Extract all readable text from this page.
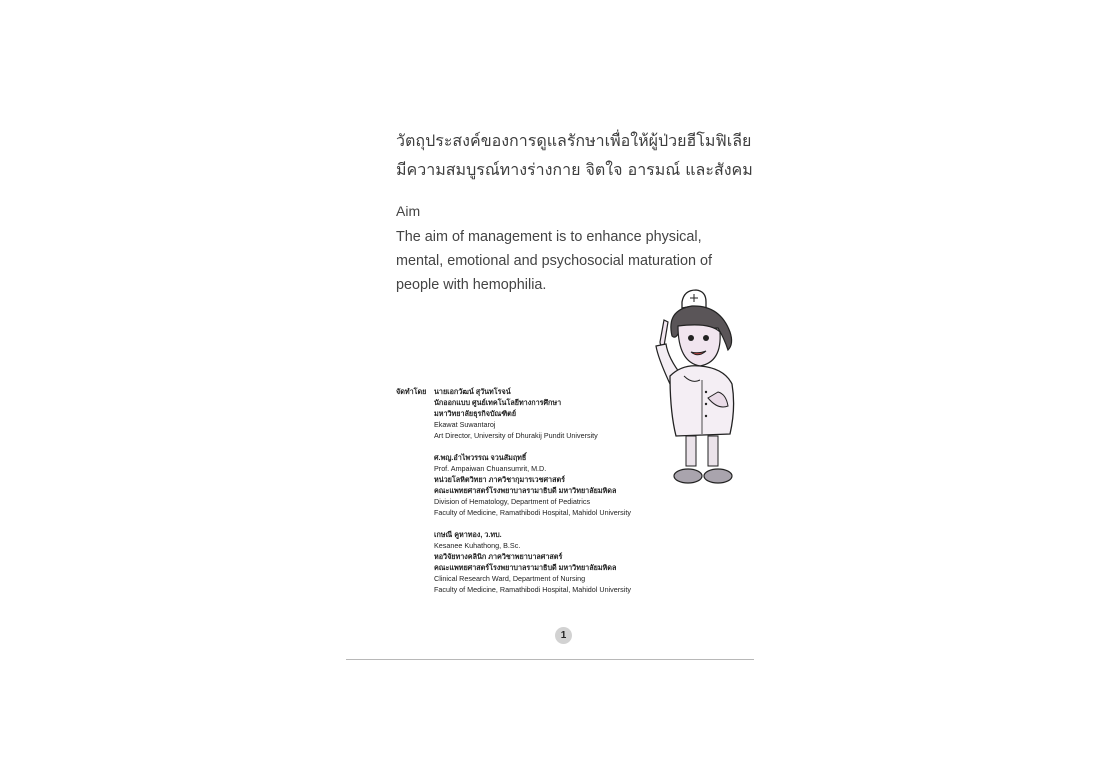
วัตถุประสงค์ของการดูแลรักษาเพื่อให้ผู้ป่วยฮีโมฟิเลีย
มีความสมบูรณ์ทางร่างกาย จิตใจ อารมณ์ และสังคม
Aim
The aim of management is to enhance physical,
mental, emotional and psychosocial maturation of
people with hemophilia.
จัดทำโดย	นายเอกวัฒน์ สุวันทโรจน์
นักออกแบบ ศูนย์เทคโนโลยีทางการศึกษา
มหาวิทยาลัยธุรกิจบัณฑิตย์
Ekawat Suwantaroj
Art Director, University of Dhurakij Pundit University
ศ.พญ.อำไพวรรณ จวนสัมฤทธิ์
Prof. Ampaiwan Chuansumrit, M.D.
หน่วยโลหิตวิทยา ภาควิชากุมารเวชศาสตร์
คณะแพทยศาสตร์โรงพยาบาลรามาธิบดี มหาวิทยาลัยมหิดล
Division of Hematology, Department of Pediatrics
Faculty of Medicine, Ramathibodi Hospital, Mahidol University
เกษณี คูหาทอง, ว.ทบ.
Kesanee Kuhathong, B.Sc.
หอวิจัยทางคลินิก ภาควิชาพยาบาลศาสตร์
คณะแพทยศาสตร์โรงพยาบาลรามาธิบดี มหาวิทยาลัยมหิดล
Clinical Research Ward, Department of Nursing
Faculty of Medicine, Ramathibodi Hospital, Mahidol University
1
